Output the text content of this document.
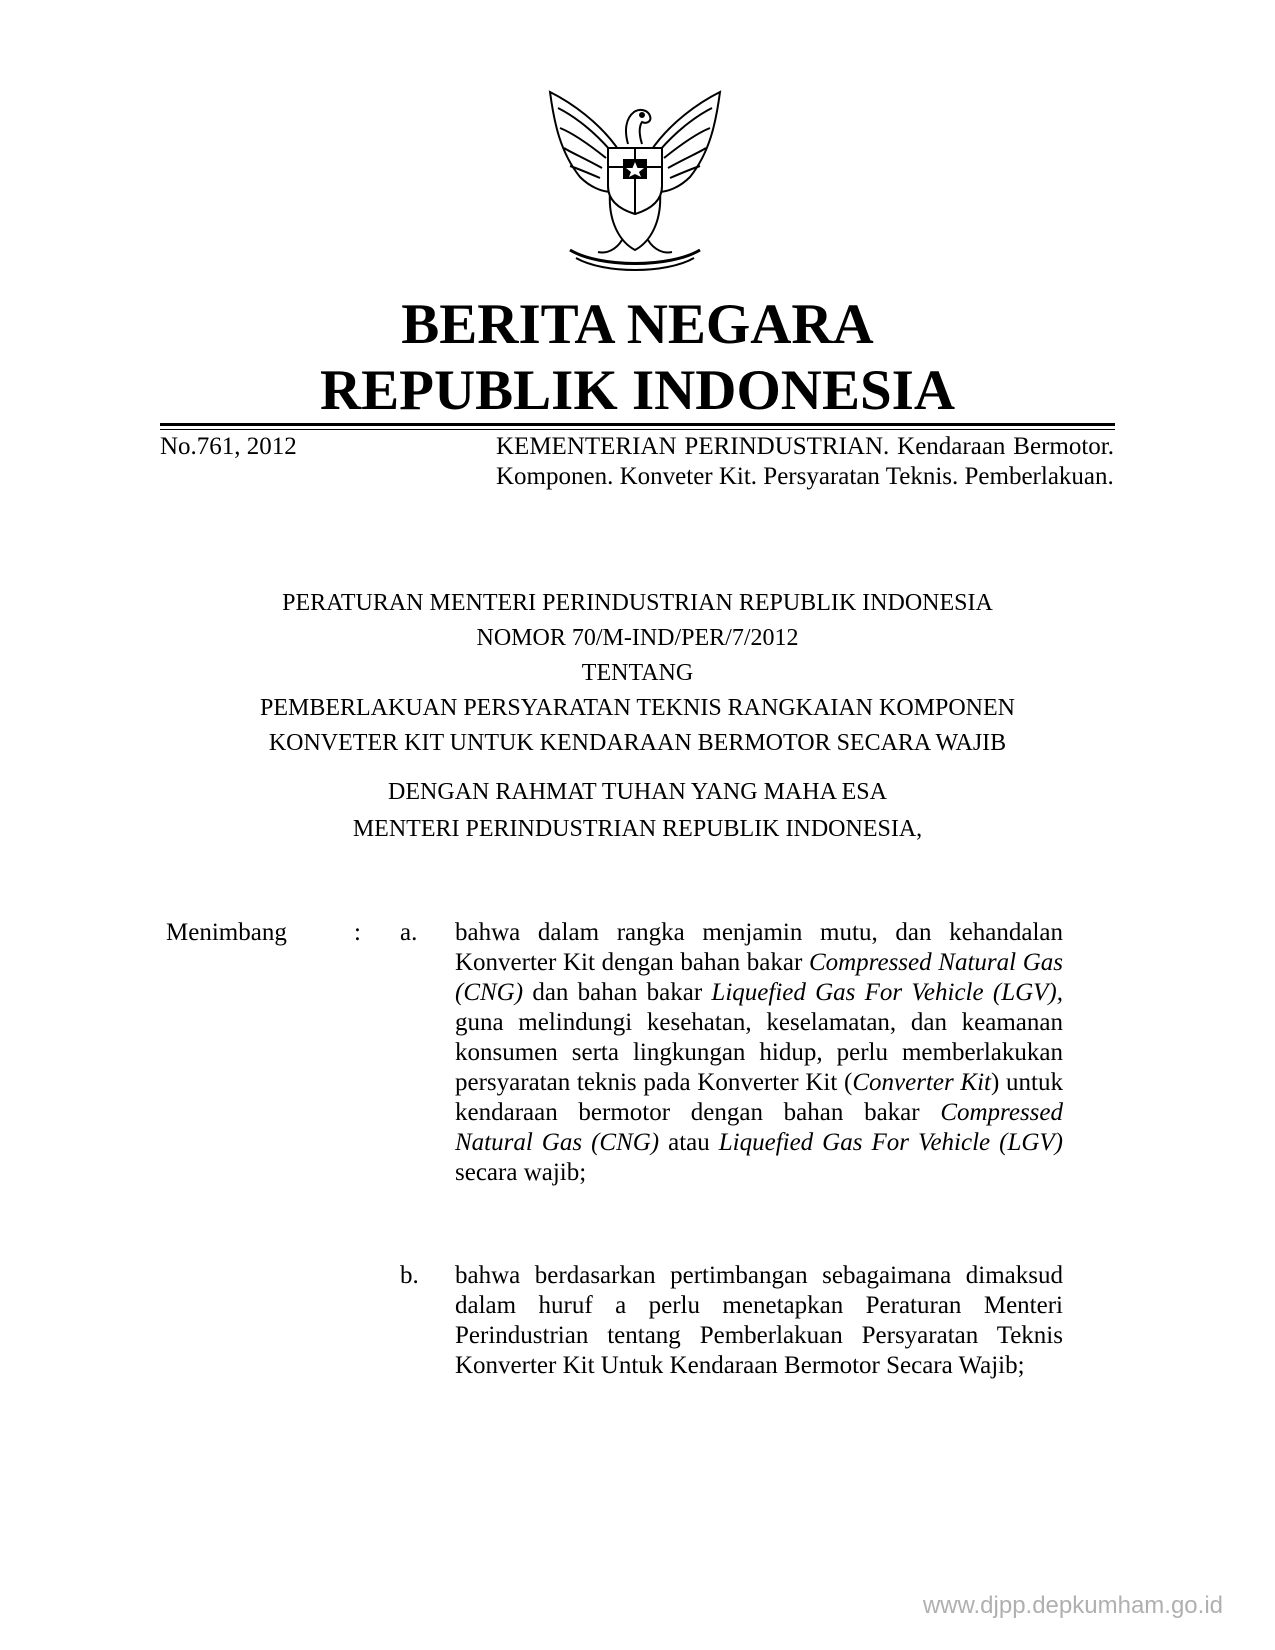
BERITA NEGARA
REPUBLIK INDONESIA
No.761, 2012	KEMENTERIAN PERINDUSTRIAN. Kendaraan Bermotor. Komponen. Konveter Kit. Persyaratan Teknis. Pemberlakuan.
PERATURAN MENTERI PERINDUSTRIAN REPUBLIK INDONESIA
NOMOR 70/M-IND/PER/7/2012
TENTANG
PEMBERLAKUAN PERSYARATAN TEKNIS RANGKAIAN KOMPONEN
KONVETER KIT UNTUK KENDARAAN BERMOTOR SECARA WAJIB
DENGAN RAHMAT TUHAN YANG MAHA ESA
MENTERI PERINDUSTRIAN REPUBLIK INDONESIA,
Menimbang	: a. bahwa dalam rangka menjamin mutu, dan kehandalan Konverter Kit dengan bahan bakar Compressed Natural Gas (CNG) dan bahan bakar Liquefied Gas For Vehicle (LGV), guna melindungi kesehatan, keselamatan, dan keamanan konsumen serta lingkungan hidup, perlu memberlakukan persyaratan teknis pada Konverter Kit (Converter Kit) untuk kendaraan bermotor dengan bahan bakar Compressed Natural Gas (CNG) atau Liquefied Gas For Vehicle (LGV) secara wajib;
b. bahwa berdasarkan pertimbangan sebagaimana dimaksud dalam huruf a perlu menetapkan Peraturan Menteri Perindustrian tentang Pemberlakuan Persyaratan Teknis Konverter Kit Untuk Kendaraan Bermotor Secara Wajib;
www.djpp.depkumham.go.id
